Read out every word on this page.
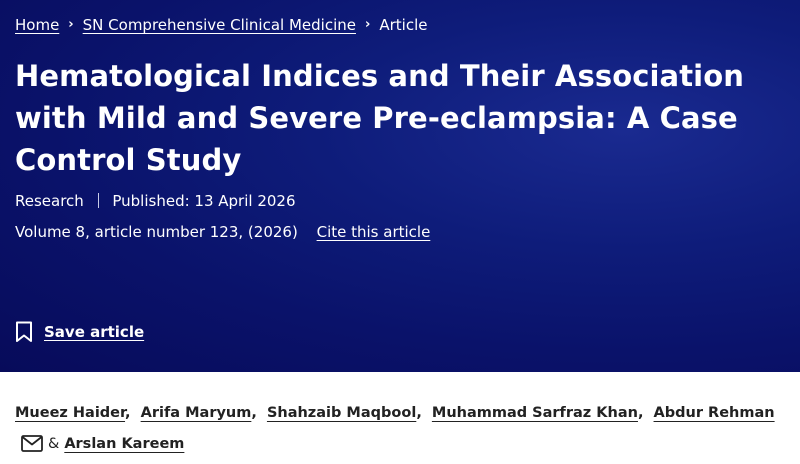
Home › SN Comprehensive Clinical Medicine › Article
Hematological Indices and Their Association with Mild and Severe Pre-eclampsia: A Case Control Study
Research Published: 13 April 2026
Volume 8, article number 123, (2026) Cite this article
Save article
Mueez Haider, Arifa Maryum, Shahzaib Maqbool, Muhammad Sarfraz Khan, Abdur Rehman& Arslan Kareem
